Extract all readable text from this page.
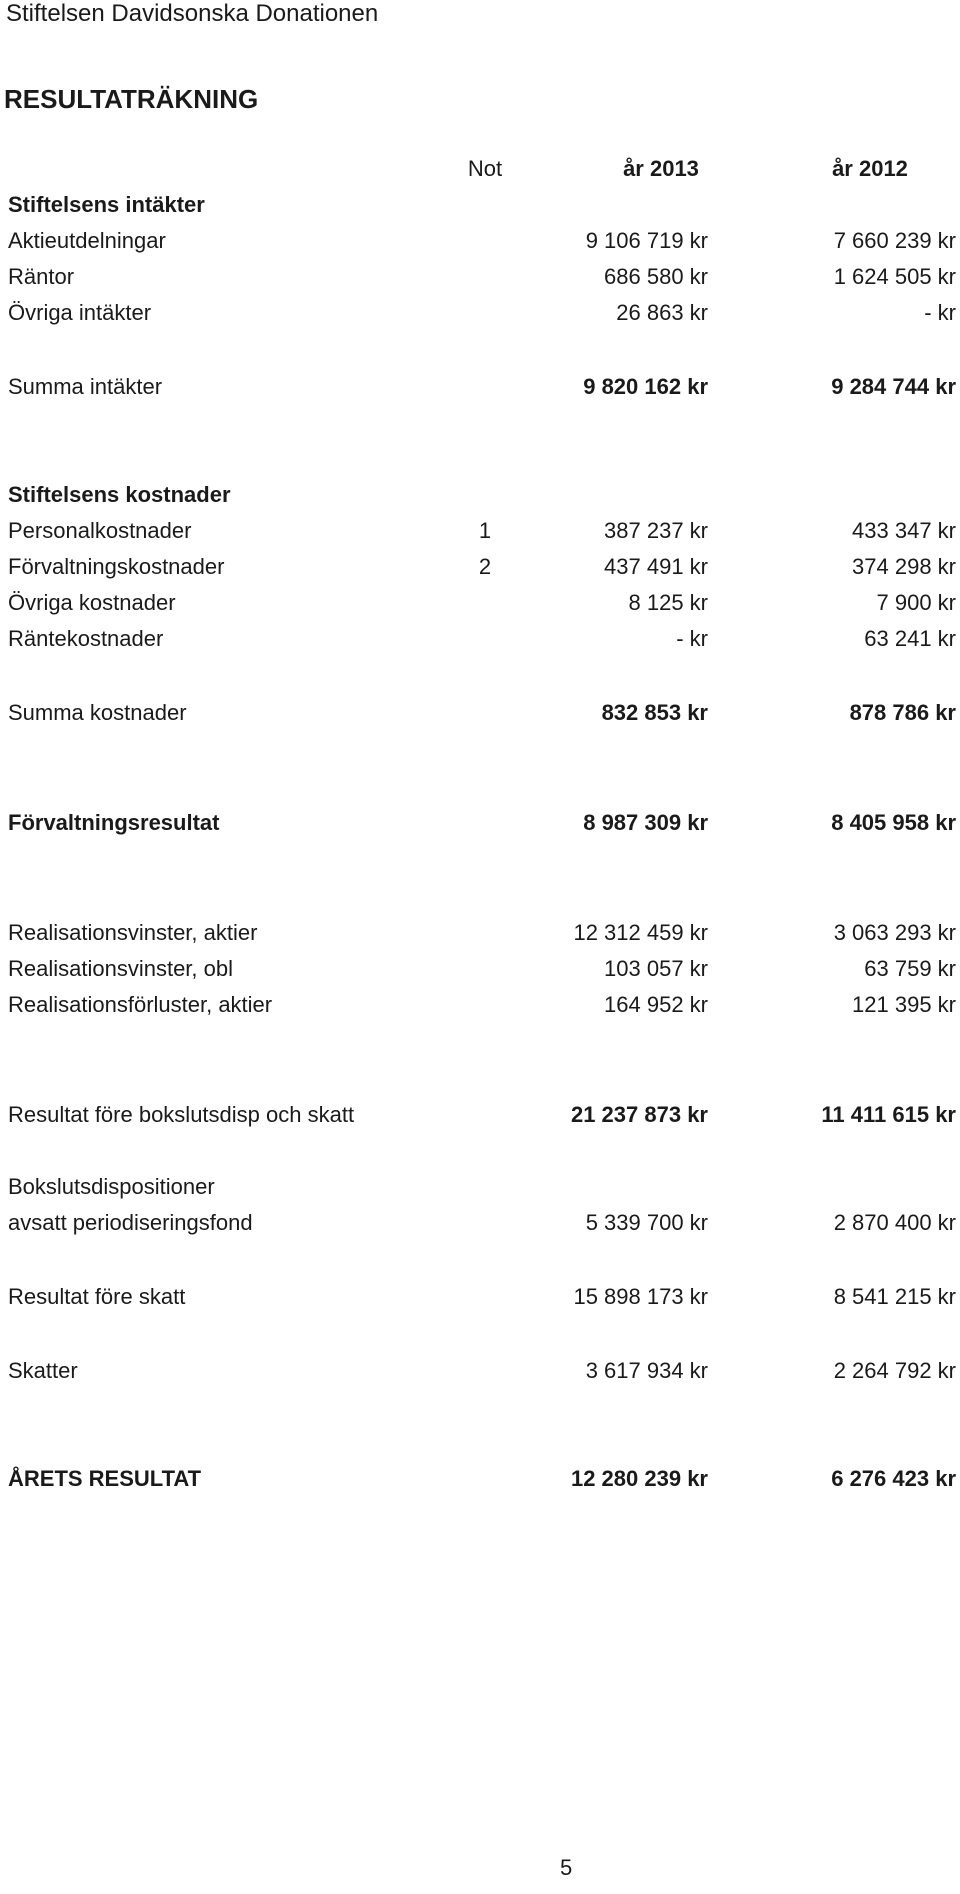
Stiftelsen Davidsonska Donationen
RESULTATRÄKNING
Not	år 2013	år 2012
Stiftelsens intäkter
Aktieutdelningar	9 106 719 kr	7 660 239 kr
Räntor	686 580 kr	1 624 505 kr
Övriga intäkter	26 863 kr	- kr
Summa intäkter	9 820 162 kr	9 284 744 kr
Stiftelsens kostnader
Personalkostnader	1	387 237 kr	433 347 kr
Förvaltningskostnader	2	437 491 kr	374 298 kr
Övriga kostnader	8 125 kr	7 900 kr
Räntekostnader	- kr	63 241 kr
Summa kostnader	832 853 kr	878 786 kr
Förvaltningsresultat	8 987 309 kr	8 405 958 kr
Realisationsvinster, aktier	12 312 459 kr	3 063 293 kr
Realisationsvinster, obl	103 057 kr	63 759 kr
Realisationsförluster, aktier	164 952 kr	121 395 kr
Resultat före bokslutsdisp och skatt	21 237 873 kr	11 411 615 kr
Bokslutsdispositioner
avsatt periodiseringsfond	5 339 700 kr	2 870 400 kr
Resultat före skatt	15 898 173 kr	8 541 215 kr
Skatter	3 617 934 kr	2 264 792 kr
ÅRETS RESULTAT	12 280 239 kr	6 276 423 kr
5
